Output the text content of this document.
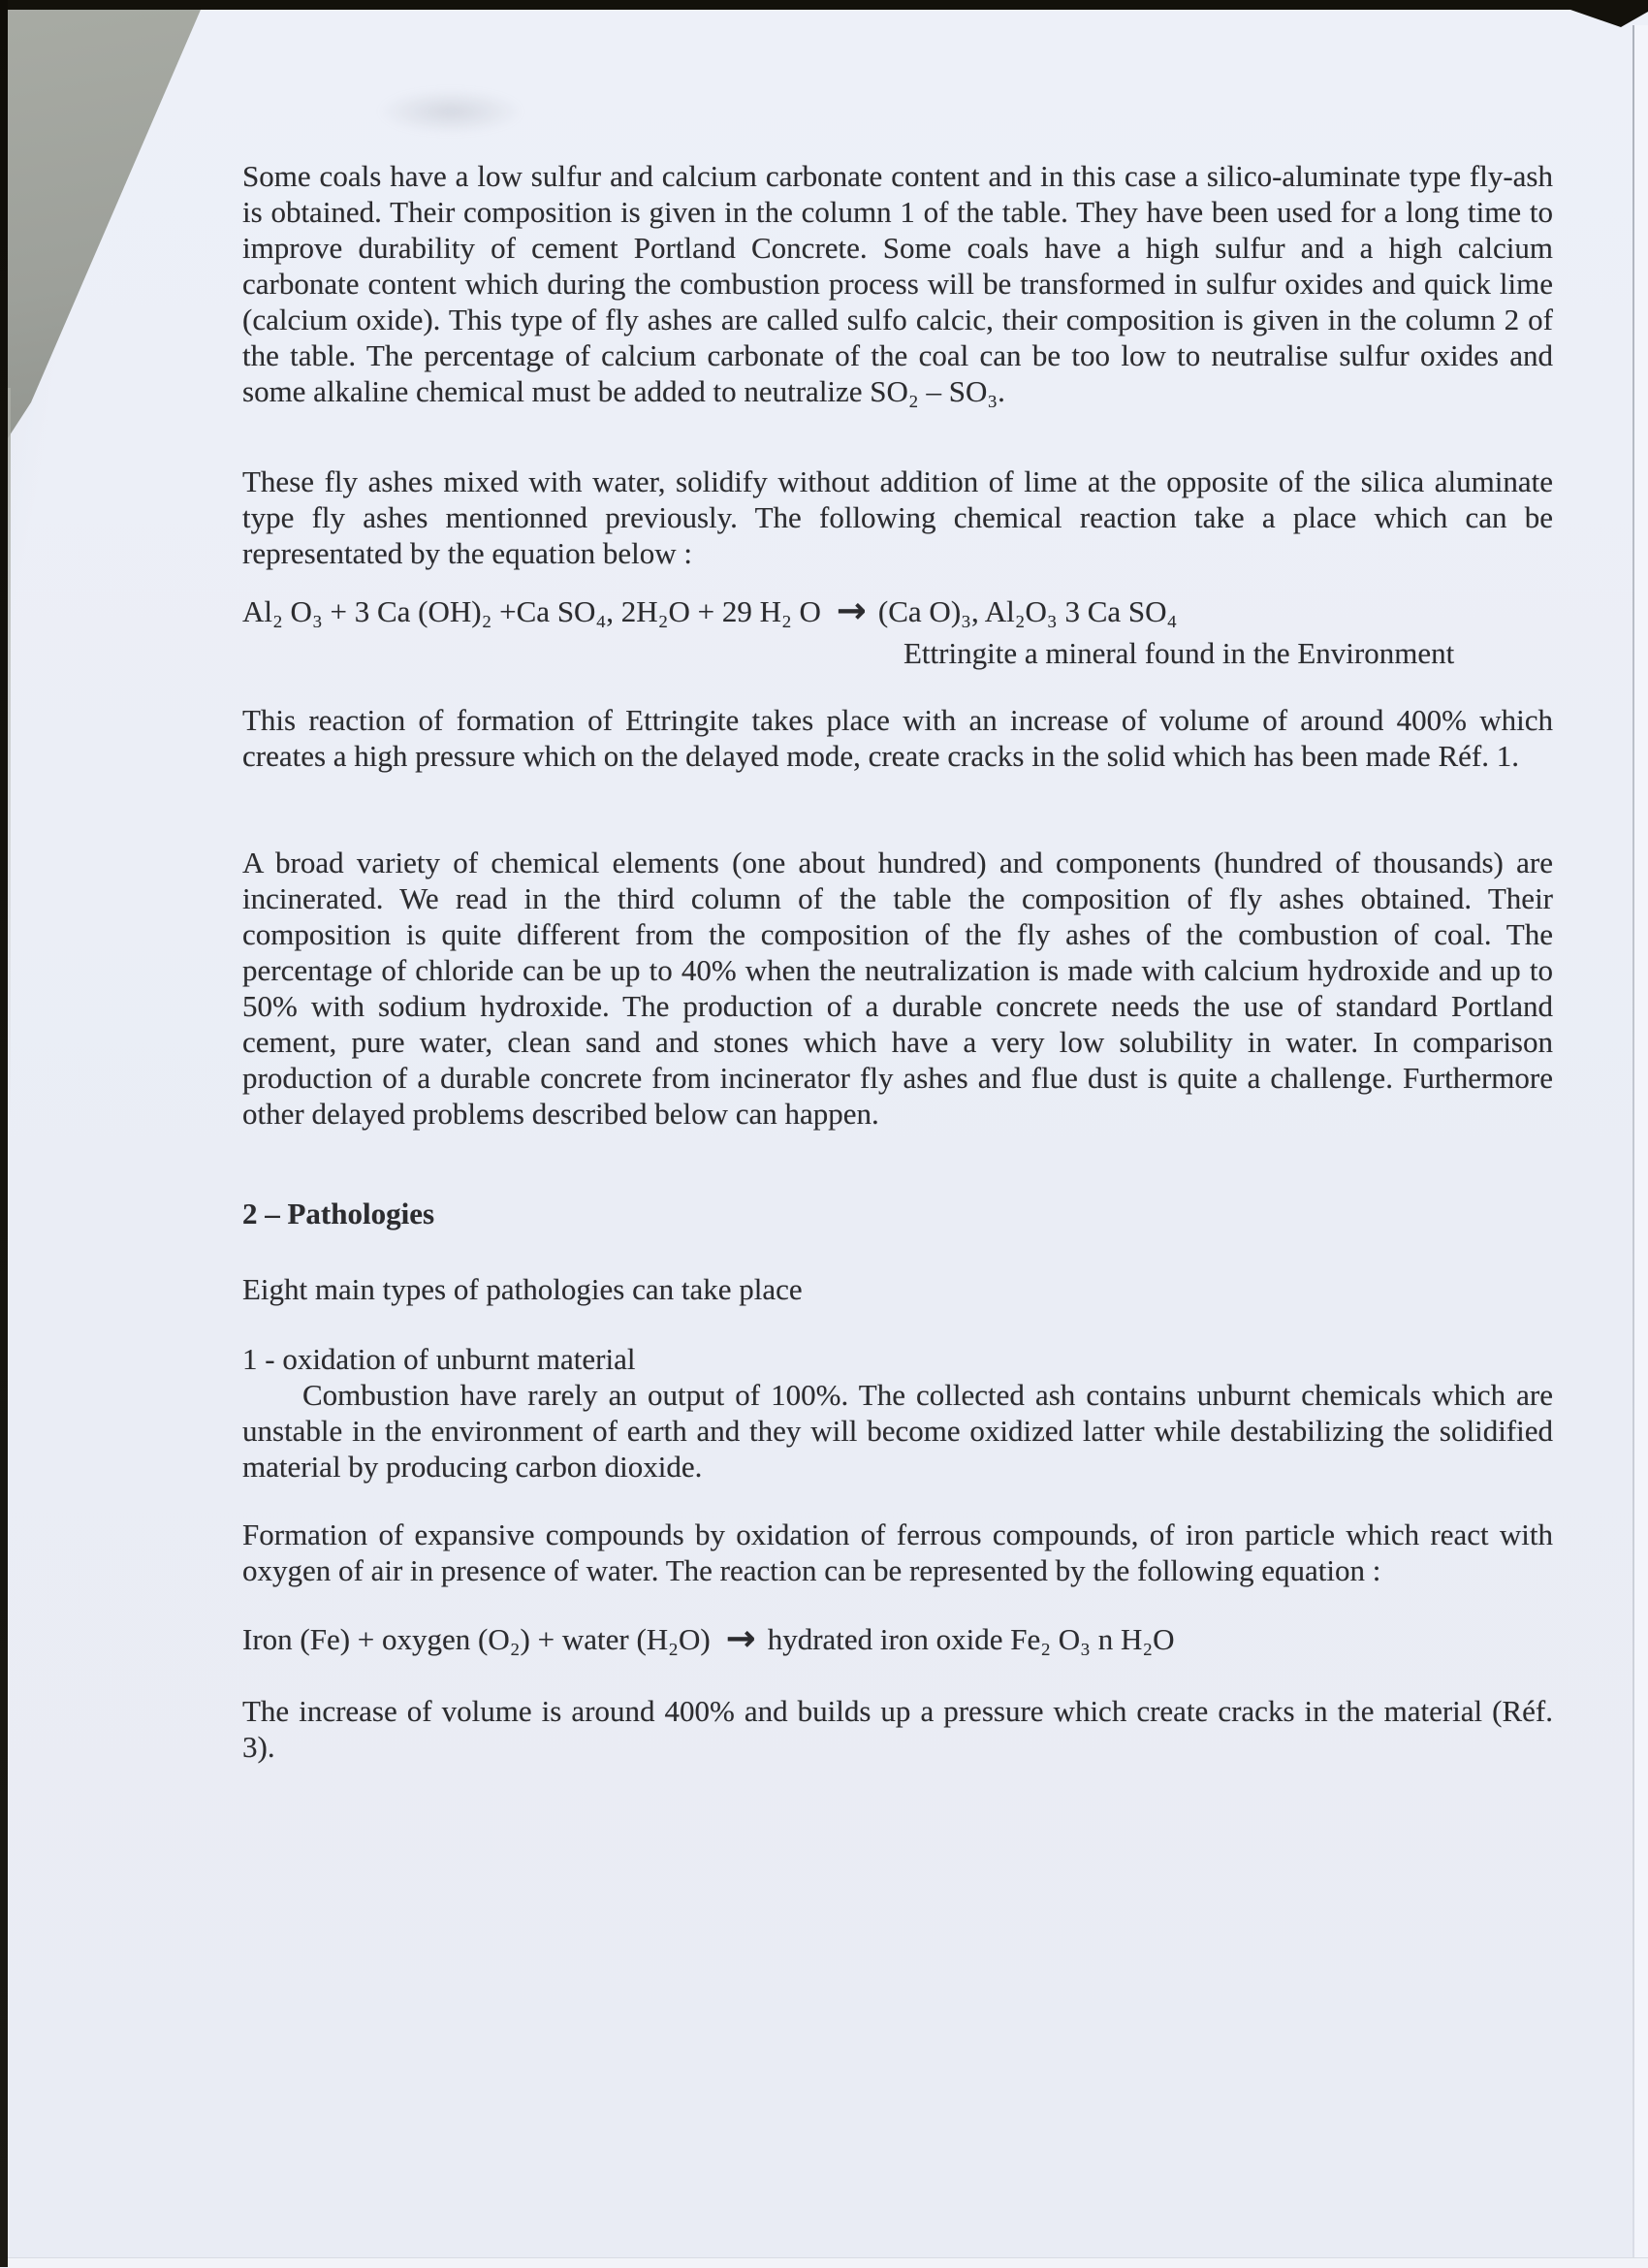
Some coals have a low sulfur and calcium carbonate content and in this case a silico-aluminate type fly-ash is obtained. Their composition is given in the column 1 of the table. They have been used for a long time to improve durability of cement Portland Concrete. Some coals have a high sulfur and a high calcium carbonate content which during the combustion process will be transformed in sulfur oxides and quick lime (calcium oxide). This type of fly ashes are called sulfo calcic, their composition is given in the column 2 of the table. The percentage of calcium carbonate of the coal can be too low to neutralise sulfur oxides and some alkaline chemical must be added to neutralize SO₂ – SO₃.

These fly ashes mixed with water, solidify without addition of lime at the opposite of the silica aluminate type fly ashes mentionned previously. The following chemical reaction take a place which can be representated by the equation below :

Al₂ O₃ + 3 Ca (OH)₂ +Ca SO₄, 2H₂O + 29 H₂ O → (Ca O)₃, Al₂O₃ 3 Ca SO₄

Ettringite a mineral found in the Environment

This reaction of formation of Ettringite takes place with an increase of volume of around 400% which creates a high pressure which on the delayed mode, create cracks in the solid which has been made Réf. 1.

A broad variety of chemical elements (one about hundred) and components (hundred of thousands) are incinerated. We read in the third column of the table the composition of fly ashes obtained. Their composition is quite different from the composition of the fly ashes of the combustion of coal. The percentage of chloride can be up to 40% when the neutralization is made with calcium hydroxide and up to 50% with sodium hydroxide. The production of a durable concrete needs the use of standard Portland cement, pure water, clean sand and stones which have a very low solubility in water. In comparison production of a durable concrete from incinerator fly ashes and flue dust is quite a challenge. Furthermore other delayed problems described below can happen.

2 – Pathologies

Eight main types of pathologies can take place

1 - oxidation of unburnt material

Combustion have rarely an output of 100%. The collected ash contains unburnt chemicals which are unstable in the environment of earth and they will become oxidized latter while destabilizing the solidified material by producing carbon dioxide.

Formation of expansive compounds by oxidation of ferrous compounds, of iron particle which react with oxygen of air in presence of water. The reaction can be represented by the following equation :

Iron (Fe) + oxygen (O₂) + water (H₂O) → hydrated iron oxide Fe₂ O₃ n H₂O

The increase of volume is around 400% and builds up a pressure which create cracks in the material (Réf. 3).
